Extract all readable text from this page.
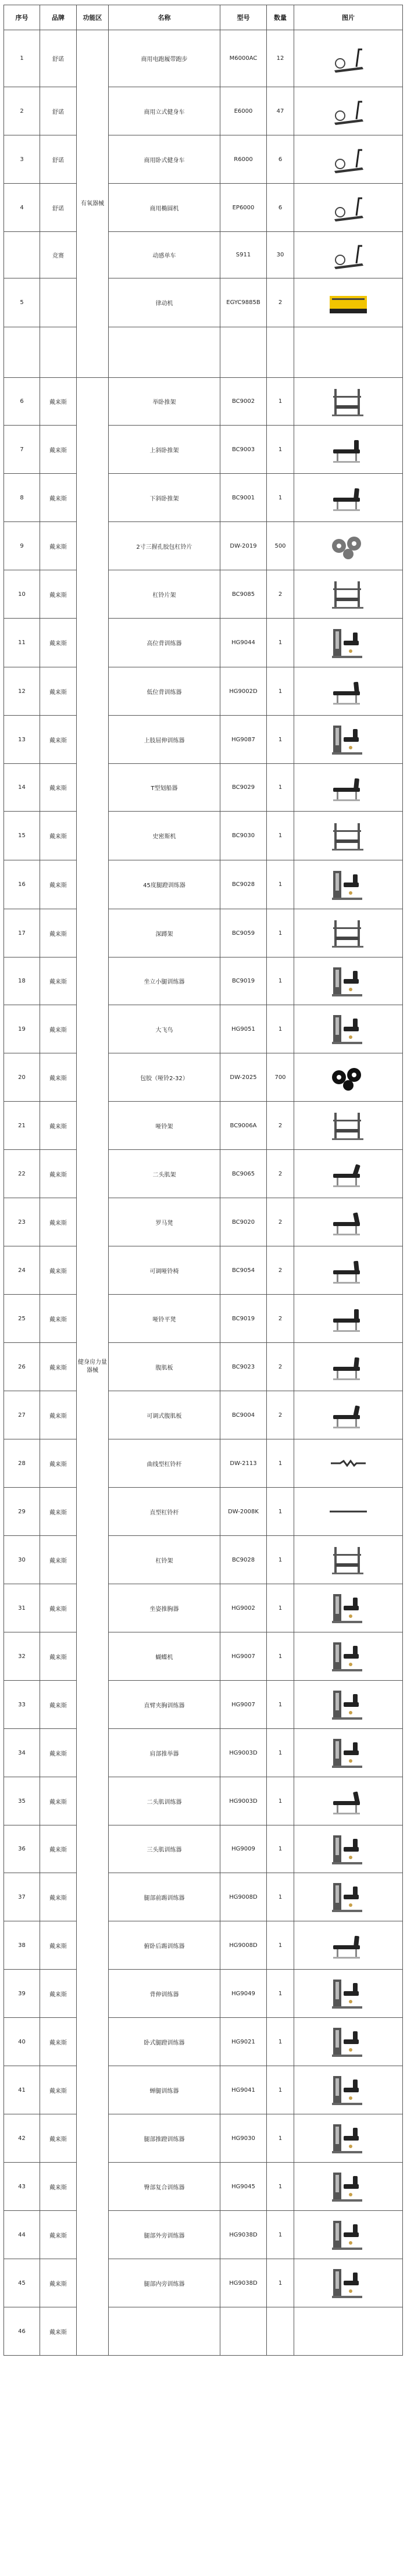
序号	品牌	功能区	名称	型号	数量	图片
1	舒诺	有氧器械	商用电跑履带跑步	M6000AC	12	

2	舒诺		商用立式健身车	E6000	47	

3	舒诺		商用卧式健身车	R6000	6	

4	舒诺		商用椭圆机	EP6000	6	

	竞赛		动感单车	S911	30	

5			律动机	EGYC9885B	2	

6	戴来斯	健身房力量器械	举卧推架	BC9002	1	

7	戴来斯		上斜卧推架	BC9003	1	

8	戴来斯		下斜卧推架	BC9001	1	

9	戴来斯		2寸三握孔胶包杠铃片	DW-2019	500	

10	戴来斯		杠铃片架	BC9085	2	

11	戴来斯		高位背训练器	HG9044	1	

12	戴来斯		低位背训练器	HG9002D	1	

13	戴来斯		上肢屈伸训练器	HG9087	1	

14	戴来斯		T型划船器	BC9029	1	

15	戴来斯		史密斯机	BC9030	1	

16	戴来斯		45度腿蹬训练器	BC9028	1	

17	戴来斯		深蹲架	BC9059	1	

18	戴来斯		坐立小腿训练器	BC9019	1	

19	戴来斯		大飞鸟	HG9051	1	

20	戴来斯		包胶（哑铃2-32）	DW-2025	700	

21	戴来斯		哑铃架	BC9006A	2	

22	戴来斯		二头肌架	BC9065	2	

23	戴来斯		罗马凳	BC9020	2	

24	戴来斯		可调哑铃椅	BC9054	2	

25	戴来斯		哑铃平凳	BC9019	2	

26	戴来斯		腹肌板	BC9023	2	

27	戴来斯		可调式腹肌板	BC9004	2	

28	戴来斯		曲线型杠铃杆	DW-2113	1	

29	戴来斯		直型杠铃杆	DW-2008K	1	

30	戴来斯		杠铃架	BC9028	1	

31	戴来斯		坐姿推胸器	HG9002	1	

32	戴来斯		蝴蝶机	HG9007	1	

33	戴来斯		直臂夹胸训练器	HG9007	1	

34	戴来斯		肩部推举器	HG9003D	1	

35	戴来斯		二头肌训练器	HG9003D	1	

36	戴来斯		三头肌训练器	HG9009	1	

37	戴来斯		腿部前踢训练器	HG9008D	1	

38	戴来斯		俯卧后踢训练器	HG9008D	1	

39	戴来斯		背伸训练器	HG9049	1	

40	戴来斯		卧式腿蹬训练器	HG9021	1	

41	戴来斯		蝉腿训练器	HG9041	1	

42	戴来斯		腿部推蹬训练器	HG9030	1	

43	戴来斯		臀部复合训练器	HG9045	1	

44	戴来斯		腿部外旁训练器	HG9038D	1	

45	戴来斯		腿部内旁训练器	HG9038D	1	

46	戴来斯					
